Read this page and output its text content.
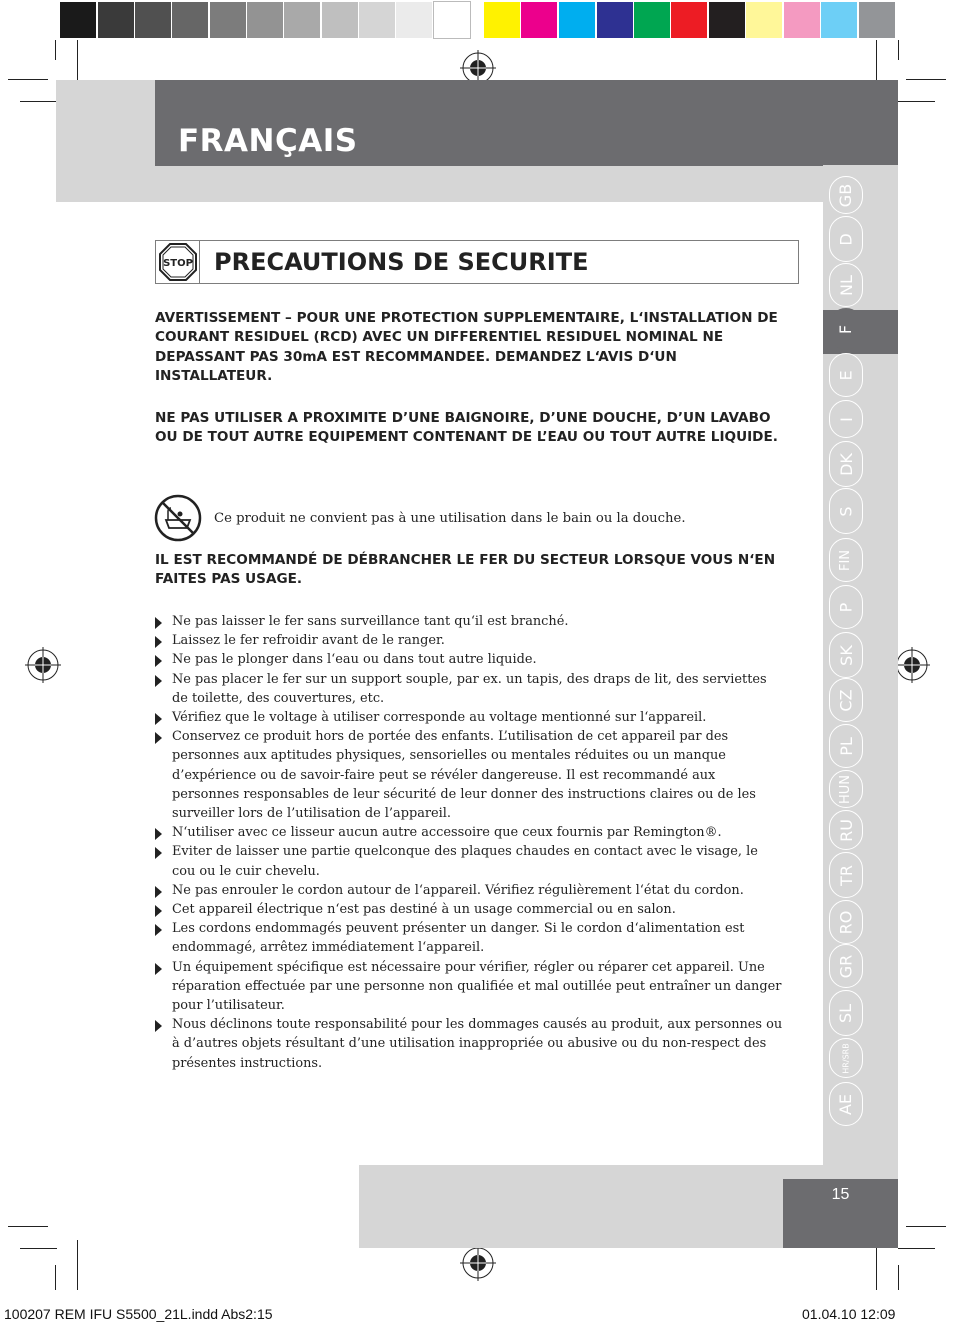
FRANÇAIS
GB
D
NL
F
E
I
DK
S
FIN
P
SK
CZ
PL
HUN
RU
TR
RO
GR
SL
HR/SRB
AE
STOP PRECAUTIONS DE SECURITE
AVERTISSEMENT – POUR UNE PROTECTION SUPPLEMENTAIRE, L‘INSTALLATION DE COURANT RESIDUEL (RCD) AVEC UN DIFFERENTIEL RESIDUEL NOMINAL NE DEPASSANT PAS 30mA EST RECOMMANDEE. DEMANDEZ L‘AVIS D‘UN INSTALLATEUR.
NE PAS UTILISER A PROXIMITE D’UNE BAIGNOIRE, D’UNE DOUCHE, D’UN LAVABO OU DE TOUT AUTRE EQUIPEMENT CONTENANT DE L’EAU OU TOUT AUTRE LIQUIDE.
Ce produit ne convient pas à une utilisation dans le bain ou la douche.
IL EST RECOMMANDÉ DE DÉBRANCHER LE FER DU SECTEUR LORSQUE VOUS N‘EN FAITES PAS USAGE.
Ne pas laisser le fer sans surveillance tant qu‘il est branché.
Laissez le fer refroidir avant de le ranger.
Ne pas le plonger dans l‘eau ou dans tout autre liquide.
Ne pas placer le fer sur un support souple, par ex. un tapis, des draps de lit, des serviettes de toilette, des couvertures, etc.
Vérifiez que le voltage à utiliser corresponde au voltage mentionné sur l‘appareil.
Conservez ce produit hors de portée des enfants. L’utilisation de cet appareil par des personnes aux aptitudes physiques, sensorielles ou mentales réduites ou un manque d’expérience ou de savoir-faire peut se révéler dangereuse. Il est recommandé aux personnes responsables de leur sécurité de leur donner des instructions claires ou de les surveiller lors de l’utilisation de l’appareil.
N‘utiliser avec ce lisseur aucun autre accessoire que ceux fournis par Remington®.
Eviter de laisser une partie quelconque des plaques chaudes en contact avec le visage, le cou ou le cuir chevelu.
Ne pas enrouler le cordon autour de l‘appareil. Vérifiez régulièrement l‘état du cordon.
Cet appareil électrique n‘est pas destiné à un usage commercial ou en salon.
Les cordons endommagés peuvent présenter un danger. Si le cordon d‘alimentation est endommagé, arrêtez immédiatement l‘appareil.
Un équipement spécifique est nécessaire pour vérifier, régler ou réparer cet appareil. Une réparation effectuée par une personne non qualifiée et mal outillée peut entraîner un danger pour l’utilisateur.
Nous déclinons toute responsabilité pour les dommages causés au produit, aux personnes ou à d’autres objets résultant d’une utilisation inappropriée ou abusive ou du non-respect des présentes instructions.
15
100207 REM IFU S5500_21L.indd Abs2:15	01.04.10 12:09
